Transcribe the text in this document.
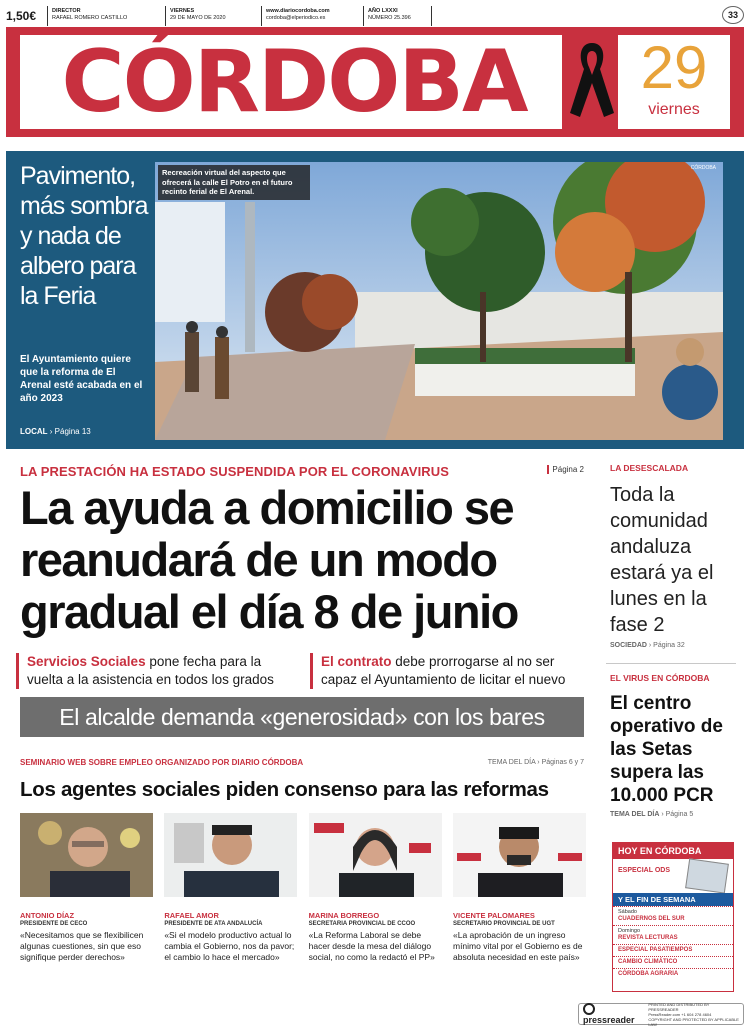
1,50€	DIRECTOR
RAFAEL ROMERO CASTILLO
VIERNES
29 DE MAYO DE 2020
www.diariocordoba.com
cordoba@elperiodico.es
AÑO LXXXI
NÚMERO 25.396	33
CÓRDOBA	29
viernes
Pavimento, más sombra y nada de albero para la Feria
El Ayuntamiento quiere que la reforma de El Arenal esté acabada en el año 2023
LOCAL › Página 13
Recreación virtual del aspecto que ofrecerá la calle El Potro en el futuro recinto ferial de El Arenal.
CÓRDOBA
LA PRESTACIÓN HA ESTADO SUSPENDIDA POR EL CORONAVIRUS	Página 2
La ayuda a domicilio se reanudará de un modo gradual el día 8 de junio
Servicios Sociales pone fecha para la vuelta a la asistencia en todos los grados
El contrato debe prorrogarse al no ser capaz el Ayuntamiento de licitar el nuevo
El alcalde demanda «generosidad» con los bares
LA DESESCALADA
Toda la comunidad andaluza estará ya el lunes en la fase 2
SOCIEDAD › Página 32
EL VIRUS EN CÓRDOBA
El centro operativo de las Setas supera las 10.000 PCR
TEMA DEL DÍA › Página 5
HOY EN CÓRDOBA
ESPECIAL ODS
Y EL FIN DE SEMANA
Sábado
CUADERNOS DEL SUR
Domingo
REVISTA LECTURAS
ESPECIAL PASATIEMPOS
CAMBIO CLIMÁTICO
CÓRDOBA AGRARIA
SEMINARIO WEB SOBRE EMPLEO ORGANIZADO POR DIARIO CÓRDOBA	TEMA DEL DÍA › Páginas 6 y 7
Los agentes sociales piden consenso para las reformas
ANTONIO DÍAZ
PRESIDENTE DE CECO
«Necesitamos que se flexibilicen algunas cuestiones, sin que eso signifique perder derechos»
RAFAEL AMOR
PRESIDENTE DE ATA ANDALUCÍA
«Si el modelo productivo actual lo cambia el Gobierno, nos da pavor; el cambio lo hace el mercado»
MARINA BORREGO
SECRETARIA PROVINCIAL DE CCOO
«La Reforma Laboral se debe hacer desde la mesa del diálogo social, no como la redactó el PP»
VICENTE PALOMARES
SECRETARIO PROVINCIAL DE UGT
«La aprobación de un ingreso mínimo vital por el Gobierno es de absoluta necesidad en este país»
pressreader
PRINTED AND DISTRIBUTED BY PRESSREADER
PressReader.com +1 604 278 4604
COPYRIGHT AND PROTECTED BY APPLICABLE LAW
